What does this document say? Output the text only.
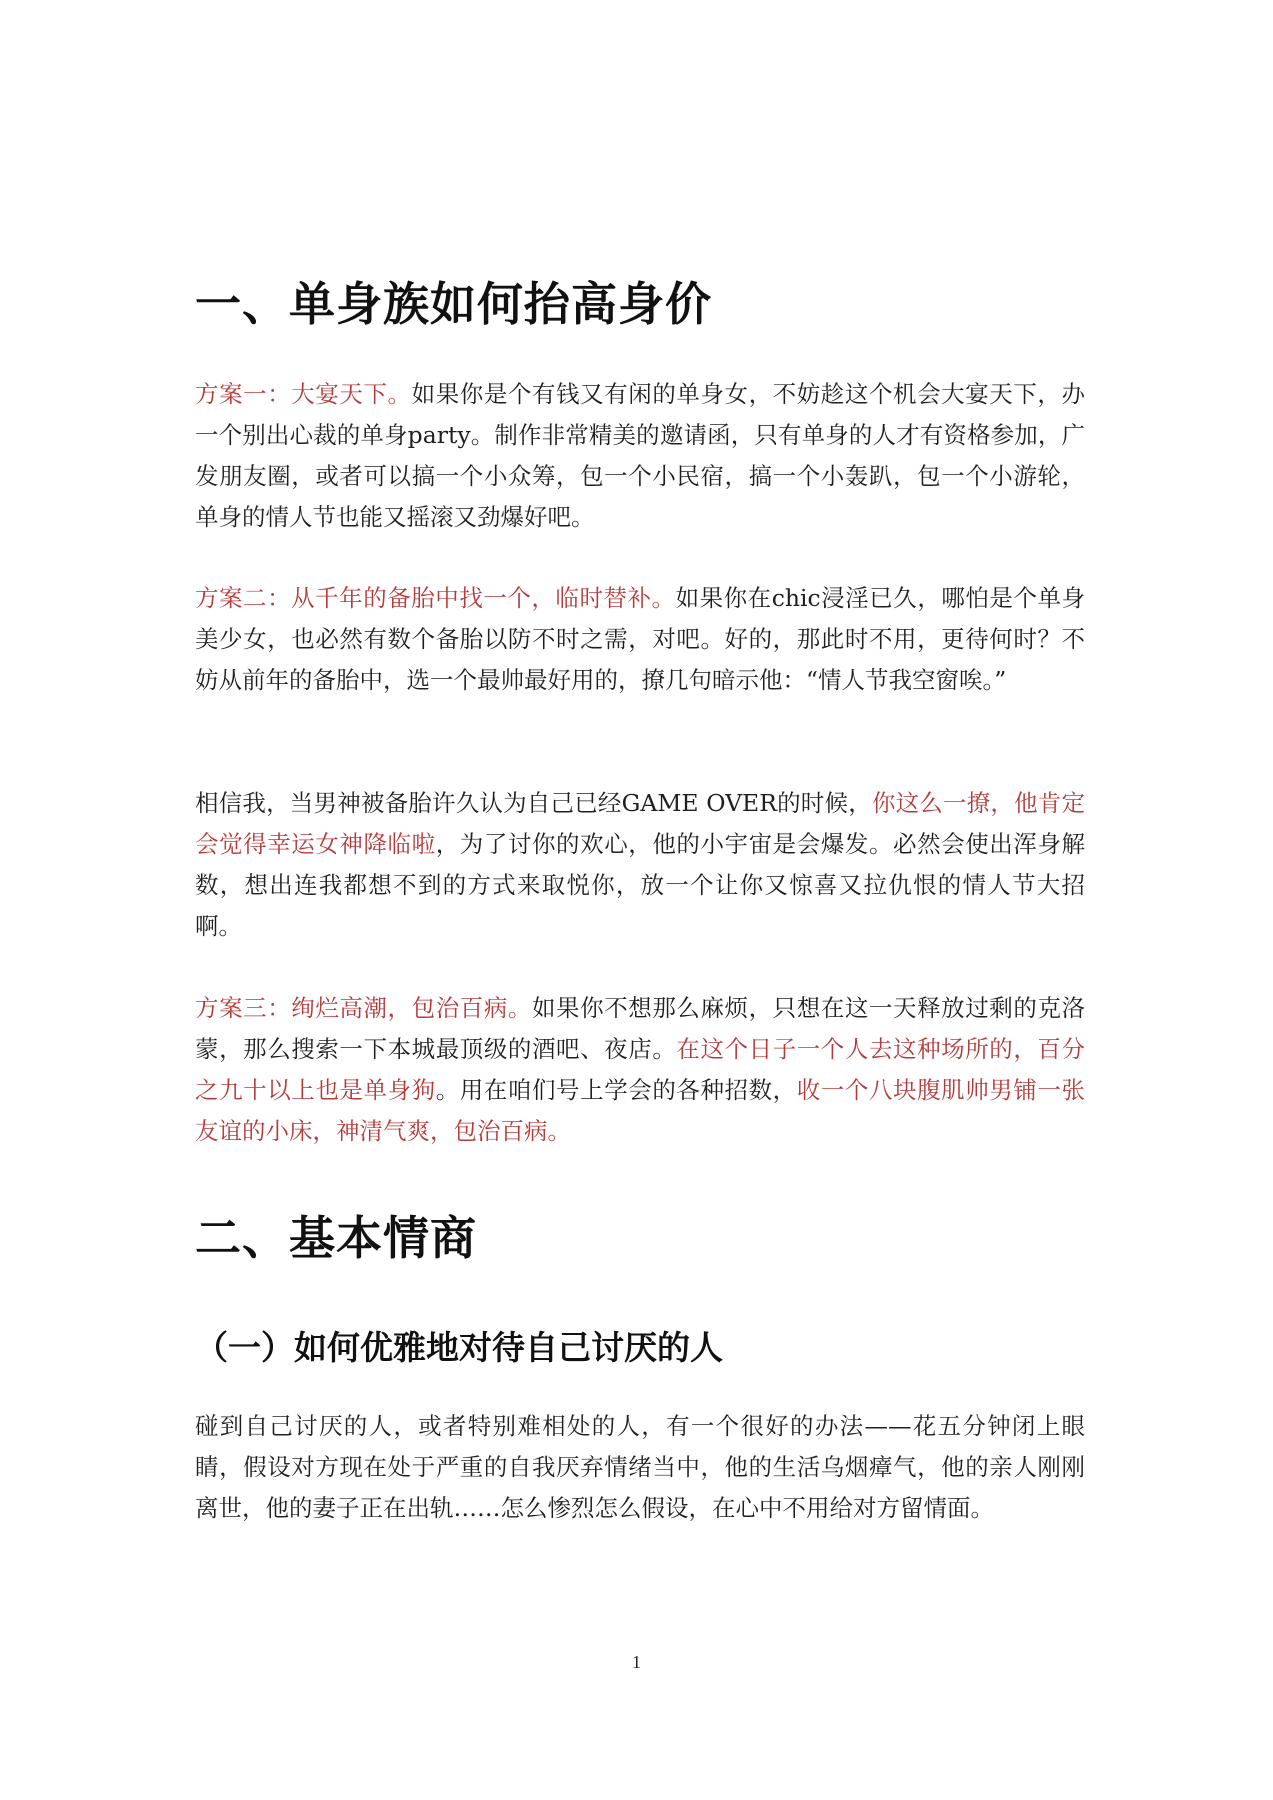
一、单身族如何抬高身价
方案一：大宴天下。如果你是个有钱又有闲的单身女，不妨趁这个机会大宴天下，办一个别出心裁的单身party。制作非常精美的邀请函，只有单身的人才有资格参加，广发朋友圈，或者可以搞一个小众筹，包一个小民宿，搞一个小轰趴，包一个小游轮，单身的情人节也能又摇滚又劲爆好吧。
方案二：从千年的备胎中找一个，临时替补。如果你在chic浸淫已久，哪怕是个单身美少女，也必然有数个备胎以防不时之需，对吧。好的，那此时不用，更待何时？不妨从前年的备胎中，选一个最帅最好用的，撩几句暗示他：“情人节我空窗唉。”
相信我，当男神被备胎许久认为自己已经GAME OVER的时候，你这么一撩，他肯定会觉得幸运女神降临啦，为了讨你的欢心，他的小宇宙是会爆发。必然会使出浑身解数，想出连我都想不到的方式来取悦你，放一个让你又惊喜又拉仇恨的情人节大招啊。
方案三：绚烂高潮，包治百病。如果你不想那么麻烦，只想在这一天释放过剩的克洛蒙，那么搜索一下本城最顶级的酒吧、夜店。在这个日子一个人去这种场所的，百分之九十以上也是单身狗。用在咱们号上学会的各种招数，收一个八块腹肌帅男铺一张友谊的小床，神清气爽，包治百病。
二、基本情商
（一）如何优雅地对待自己讨厌的人
碰到自己讨厌的人，或者特别难相处的人，有一个很好的办法——花五分钟闭上眼睛，假设对方现在处于严重的自我厌弃情绪当中，他的生活乌烟瘴气，他的亲人刚刚离世，他的妻子正在出轨……怎么惨烈怎么假设，在心中不用给对方留情面。
1
